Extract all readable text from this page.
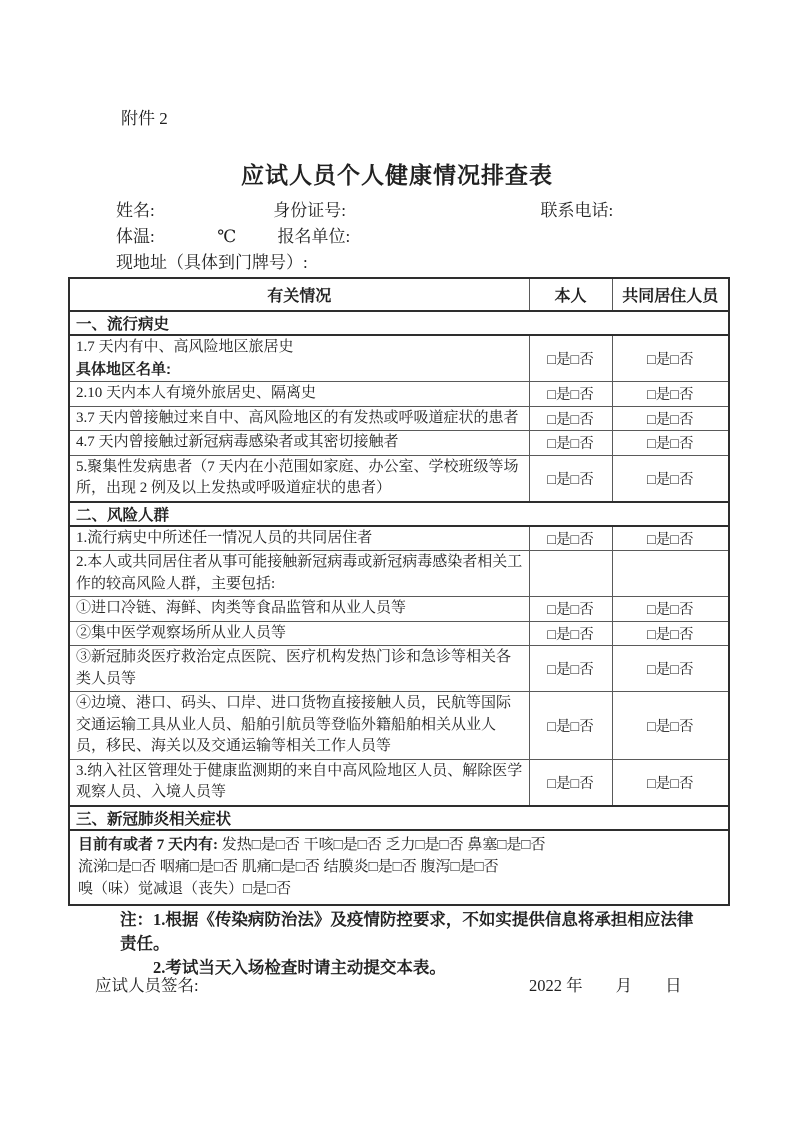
附件 2
应试人员个人健康情况排查表
姓名:	身份证号:	联系电话:
体温:	℃ 报名单位:
现地址（具体到门牌号）:
有关情况	本人	共同居住人员
一、流行病史		
1.7 天内有中、高风险地区旅居史
具体地区名单:	□是□否	□是□否
2.10 天内本人有境外旅居史、隔离史	□是□否	□是□否
3.7 天内曾接触过来自中、高风险地区的有发热或呼吸道症状的患者	□是□否	□是□否
4.7 天内曾接触过新冠病毒感染者或其密切接触者	□是□否	□是□否
5.聚集性发病患者（7 天内在小范围如家庭、办公室、学校班级等场所，出现 2 例及以上发热或呼吸道症状的患者）	□是□否	□是□否
二、风险人群		
1.流行病史中所述任一情况人员的共同居住者	□是□否	□是□否
2.本人或共同居住者从事可能接触新冠病毒或新冠病毒感染者相关工作的较高风险人群，主要包括:		
①进口冷链、海鲜、肉类等食品监管和从业人员等	□是□否	□是□否
②集中医学观察场所从业人员等	□是□否	□是□否
③新冠肺炎医疗救治定点医院、医疗机构发热门诊和急诊等相关各类人员等	□是□否	□是□否
④边境、港口、码头、口岸、进口货物直接接触人员，民航等国际交通运输工具从业人员、船舶引航员等登临外籍船舶相关从业人员，移民、海关以及交通运输等相关工作人员等	□是□否	□是□否
3.纳入社区管理处于健康监测期的来自中高风险地区人员、解除医学观察人员、入境人员等	□是□否	□是□否
三、新冠肺炎相关症状		
目前有或者 7 天内有: 发热□是□否 干咳□是□否 乏力□是□否 鼻塞□是□否
流涕□是□否 咽痛□是□否 肌痛□是□否 结膜炎□是□否 腹泻□是□否
嗅（味）觉减退（丧失）□是□否		
注：1.根据《传染病防治法》及疫情防控要求，不如实提供信息将承担相应法律责任。
2.考试当天入场检查时请主动提交本表。
应试人员签名:	2022 年　　月　　日
